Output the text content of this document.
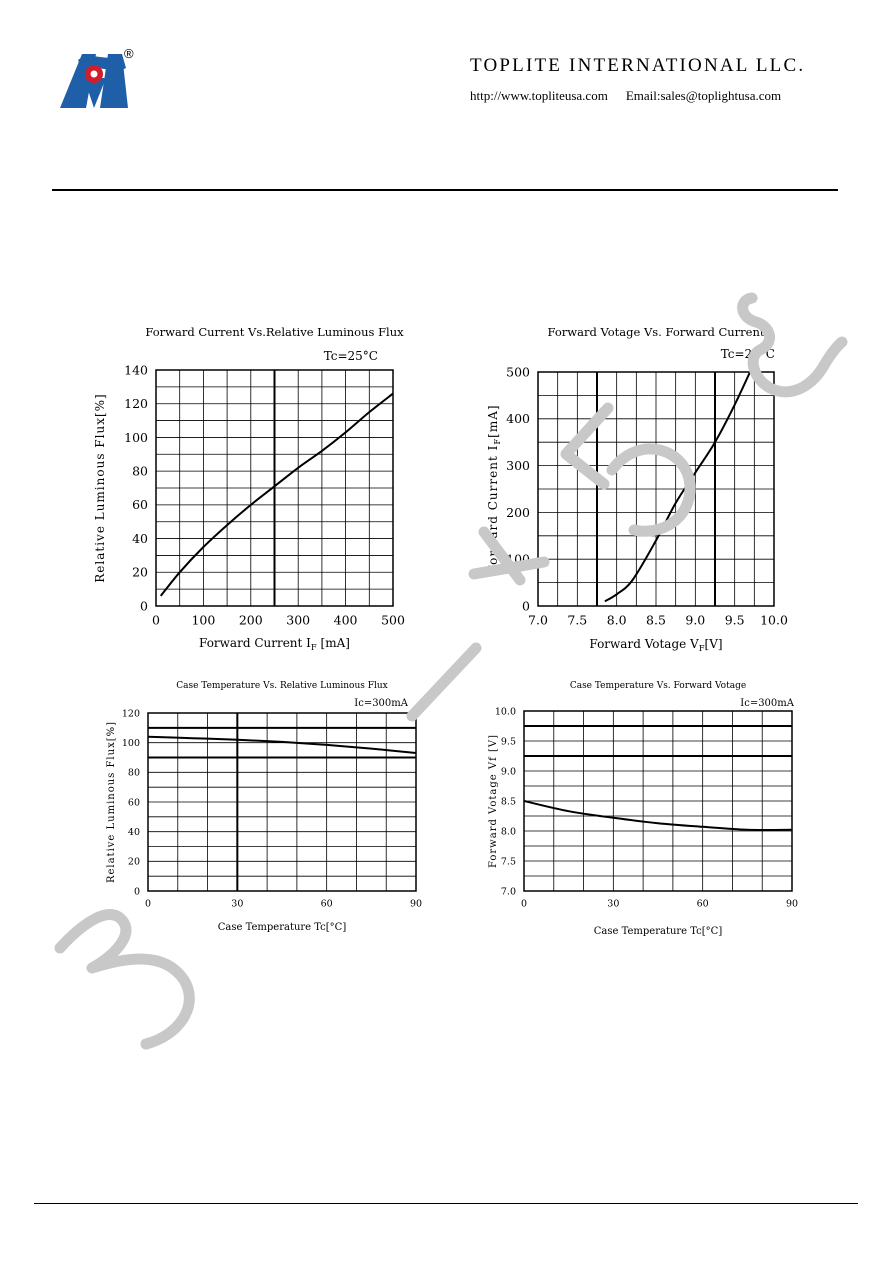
®
TOPLITE INTERNATIONAL LLC.
http://www.topliteusa.com Email:sales@toplightusa.com
0	100 200 300 400 500
0
20
40
60
80
100
120
140
Forward Current Vs.Relative Luminous Flux
Tc=25°C
Forward Current $I_F$ [mA]
Relative Luminous Flux[%]
7.0 7.5 8.0 8.5 9.0 9.5 10.0
0
100
200
300
400
500
Forward Votage Vs. Forward Current
Tc=25°C
Forward Votage $V_F[V]$
Forward Current $I_F[mA]$
0	30	60	90
0
20
40
60
80
100
120
Case Temperature Vs. Relative Luminous Flux
Ic=300mA
Case Temperature Tc[°C]
Relative Luminous Flux[%]
0	30	60	90
7.0
7.5
8.0
8.5
9.0
9.5
10.0
Case Temperature Vs. Forward Votage
Ic=300mA
Case Temperature Tc[°C]
Forward Votage Vf [V]
